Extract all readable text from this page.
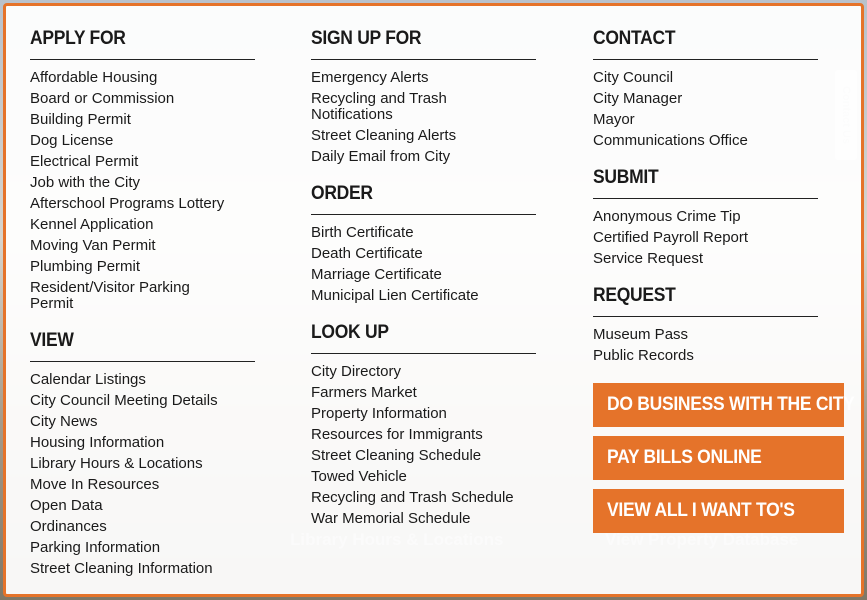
APPLY FOR
Affordable Housing
Board or Commission
Building Permit
Dog License
Electrical Permit
Job with the City
Afterschool Programs Lottery
Kennel Application
Moving Van Permit
Plumbing Permit
Resident/Visitor Parking Permit
VIEW
Calendar Listings
City Council Meeting Details
City News
Housing Information
Library Hours & Locations
Move In Resources
Open Data
Ordinances
Parking Information
Street Cleaning Information
SIGN UP FOR
Emergency Alerts
Recycling and Trash Notifications
Street Cleaning Alerts
Daily Email from City
ORDER
Birth Certificate
Death Certificate
Marriage Certificate
Municipal Lien Certificate
LOOK UP
City Directory
Farmers Market
Property Information
Resources for Immigrants
Street Cleaning Schedule
Towed Vehicle
Recycling and Trash Schedule
War Memorial Schedule
CONTACT
City Council
City Manager
Mayor
Communications Office
SUBMIT
Anonymous Crime Tip
Certified Payroll Report
Service Request
REQUEST
Museum Pass
Public Records
DO BUSINESS WITH THE CITY
PAY BILLS ONLINE
VIEW ALL I WANT TO'S
